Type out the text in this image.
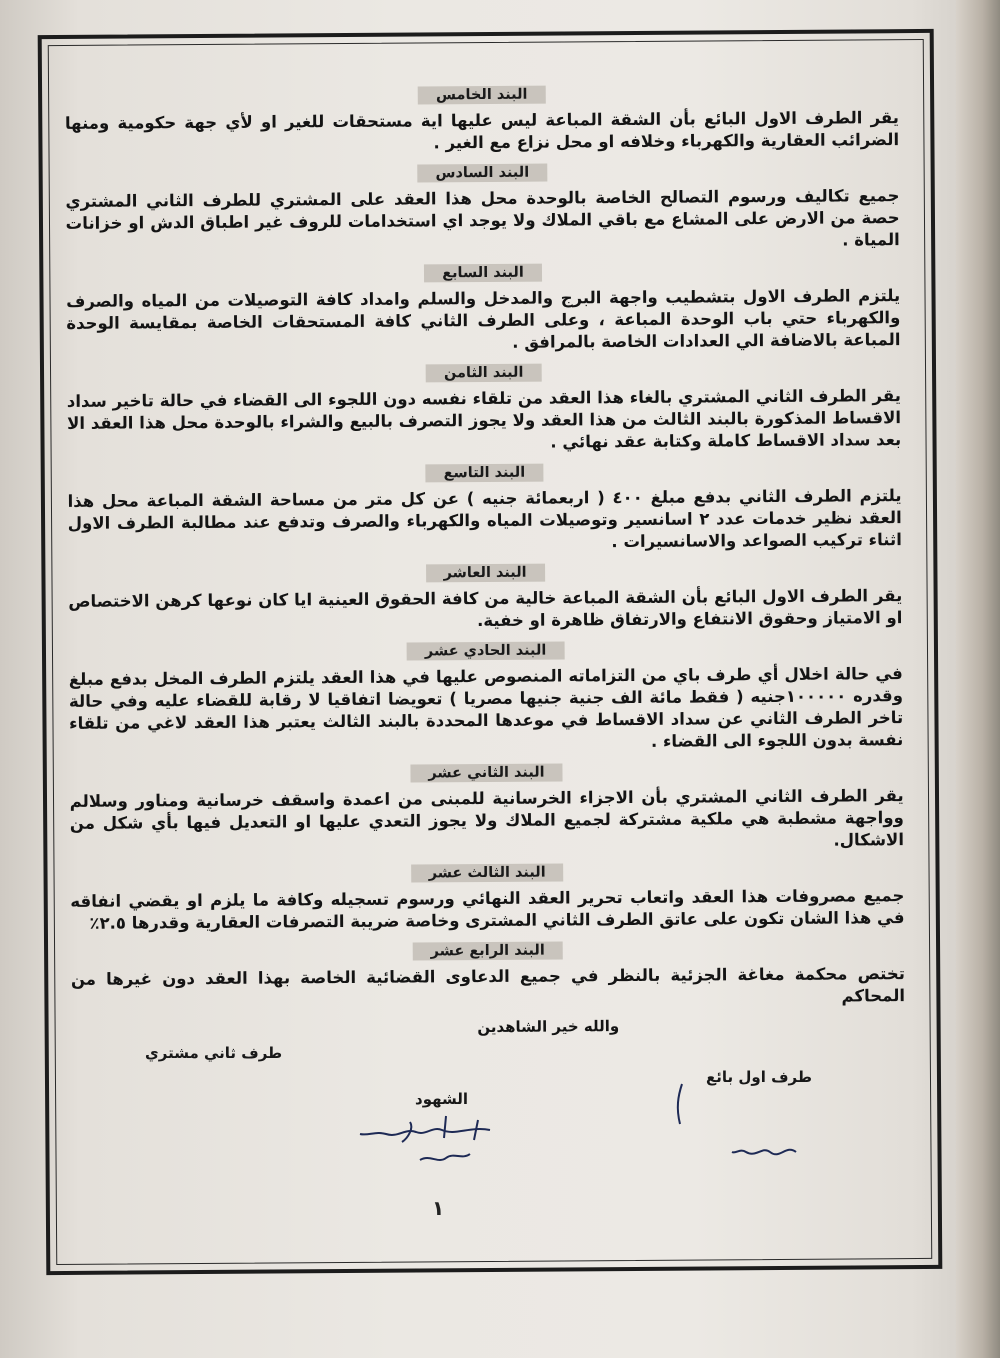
البند الخامس

يقر الطرف الاول البائع بأن الشقة المباعة ليس عليها اية مستحقات للغير او لأي جهة حكومية ومنها الضرائب العقارية والكهرباء وخلافه او محل نزاع مع الغير .

البند السادس

جميع تكاليف ورسوم التصالح الخاصة بالوحدة محل هذا العقد على المشتري للطرف الثاني المشتري حصة من الارض على المشاع مع باقي الملاك ولا يوجد اي استخدامات للروف غير اطباق الدش او خزانات المياة .

البند السابع

يلتزم الطرف الاول بتشطيب واجهة البرج والمدخل والسلم وامداد كافة التوصيلات من المياه والصرف والكهرباء حتي باب الوحدة المباعة ، وعلى الطرف الثاني كافة المستحقات الخاصة بمقايسة الوحدة المباعة بالاضافة الي العدادات الخاصة بالمرافق .

البند الثامن

يقر الطرف الثاني المشتري بالغاء هذا العقد من تلقاء نفسه دون اللجوء الى القضاء في حالة تاخير سداد الاقساط المذكورة بالبند الثالث من هذا العقد ولا يجوز التصرف بالبيع والشراء بالوحدة محل هذا العقد الا بعد سداد الاقساط كاملة وكتابة عقد نهائي .

البند التاسع

يلتزم الطرف الثاني بدفع مبلغ ٤٠٠ ( اربعمائة جنيه ) عن كل متر من مساحة الشقة المباعة محل هذا العقد نظير خدمات عدد ٢ اسانسير وتوصيلات المياه والكهرباء والصرف وتدفع عند مطالبة الطرف الاول اثناء تركيب الصواعد والاسانسيرات .

البند العاشر

يقر الطرف الاول البائع بأن الشقة المباعة خالية من كافة الحقوق العينية ايا كان نوعها كرهن الاختصاص او الامتياز وحقوق الانتفاع والارتفاق ظاهرة او خفية.

البند الحادي عشر

في حالة اخلال أي طرف باي من التزاماته المنصوص عليها في هذا العقد يلتزم الطرف المخل بدفع مبلغ وقدره ١٠٠٠٠٠جنيه ( فقط مائة الف جنية جنيها مصريا ) تعويضا اتفاقيا لا رقابة للقضاء عليه وفي حالة تاخر الطرف الثاني عن سداد الاقساط في موعدها المحددة بالبند الثالث يعتبر هذا العقد لاغي من تلقاء نفسة بدون اللجوء الى القضاء .

البند الثاني عشر

يقر الطرف الثاني المشتري بأن الاجزاء الخرسانية للمبنى من اعمدة واسقف خرسانية ومناور وسلالم وواجهة مشطبة هي ملكية مشتركة لجميع الملاك ولا يجوز التعدي عليها او التعديل فيها بأي شكل من الاشكال.

البند الثالث عشر

جميع مصروفات هذا العقد واتعاب تحرير العقد النهائي ورسوم تسجيله وكافة ما يلزم او يقضي انفاقه في هذا الشان تكون على عاتق الطرف الثاني المشترى وخاصة ضريبة التصرفات العقارية وقدرها ٢.٥٪

البند الرابع عشر

تختص محكمة مغاغة الجزئية بالنظر في جميع الدعاوى القضائية الخاصة بهذا العقد دون غيرها من المحاكم

والله خير الشاهدين

طرف ثاني مشتري
طرف اول بائع
الشهود
١
